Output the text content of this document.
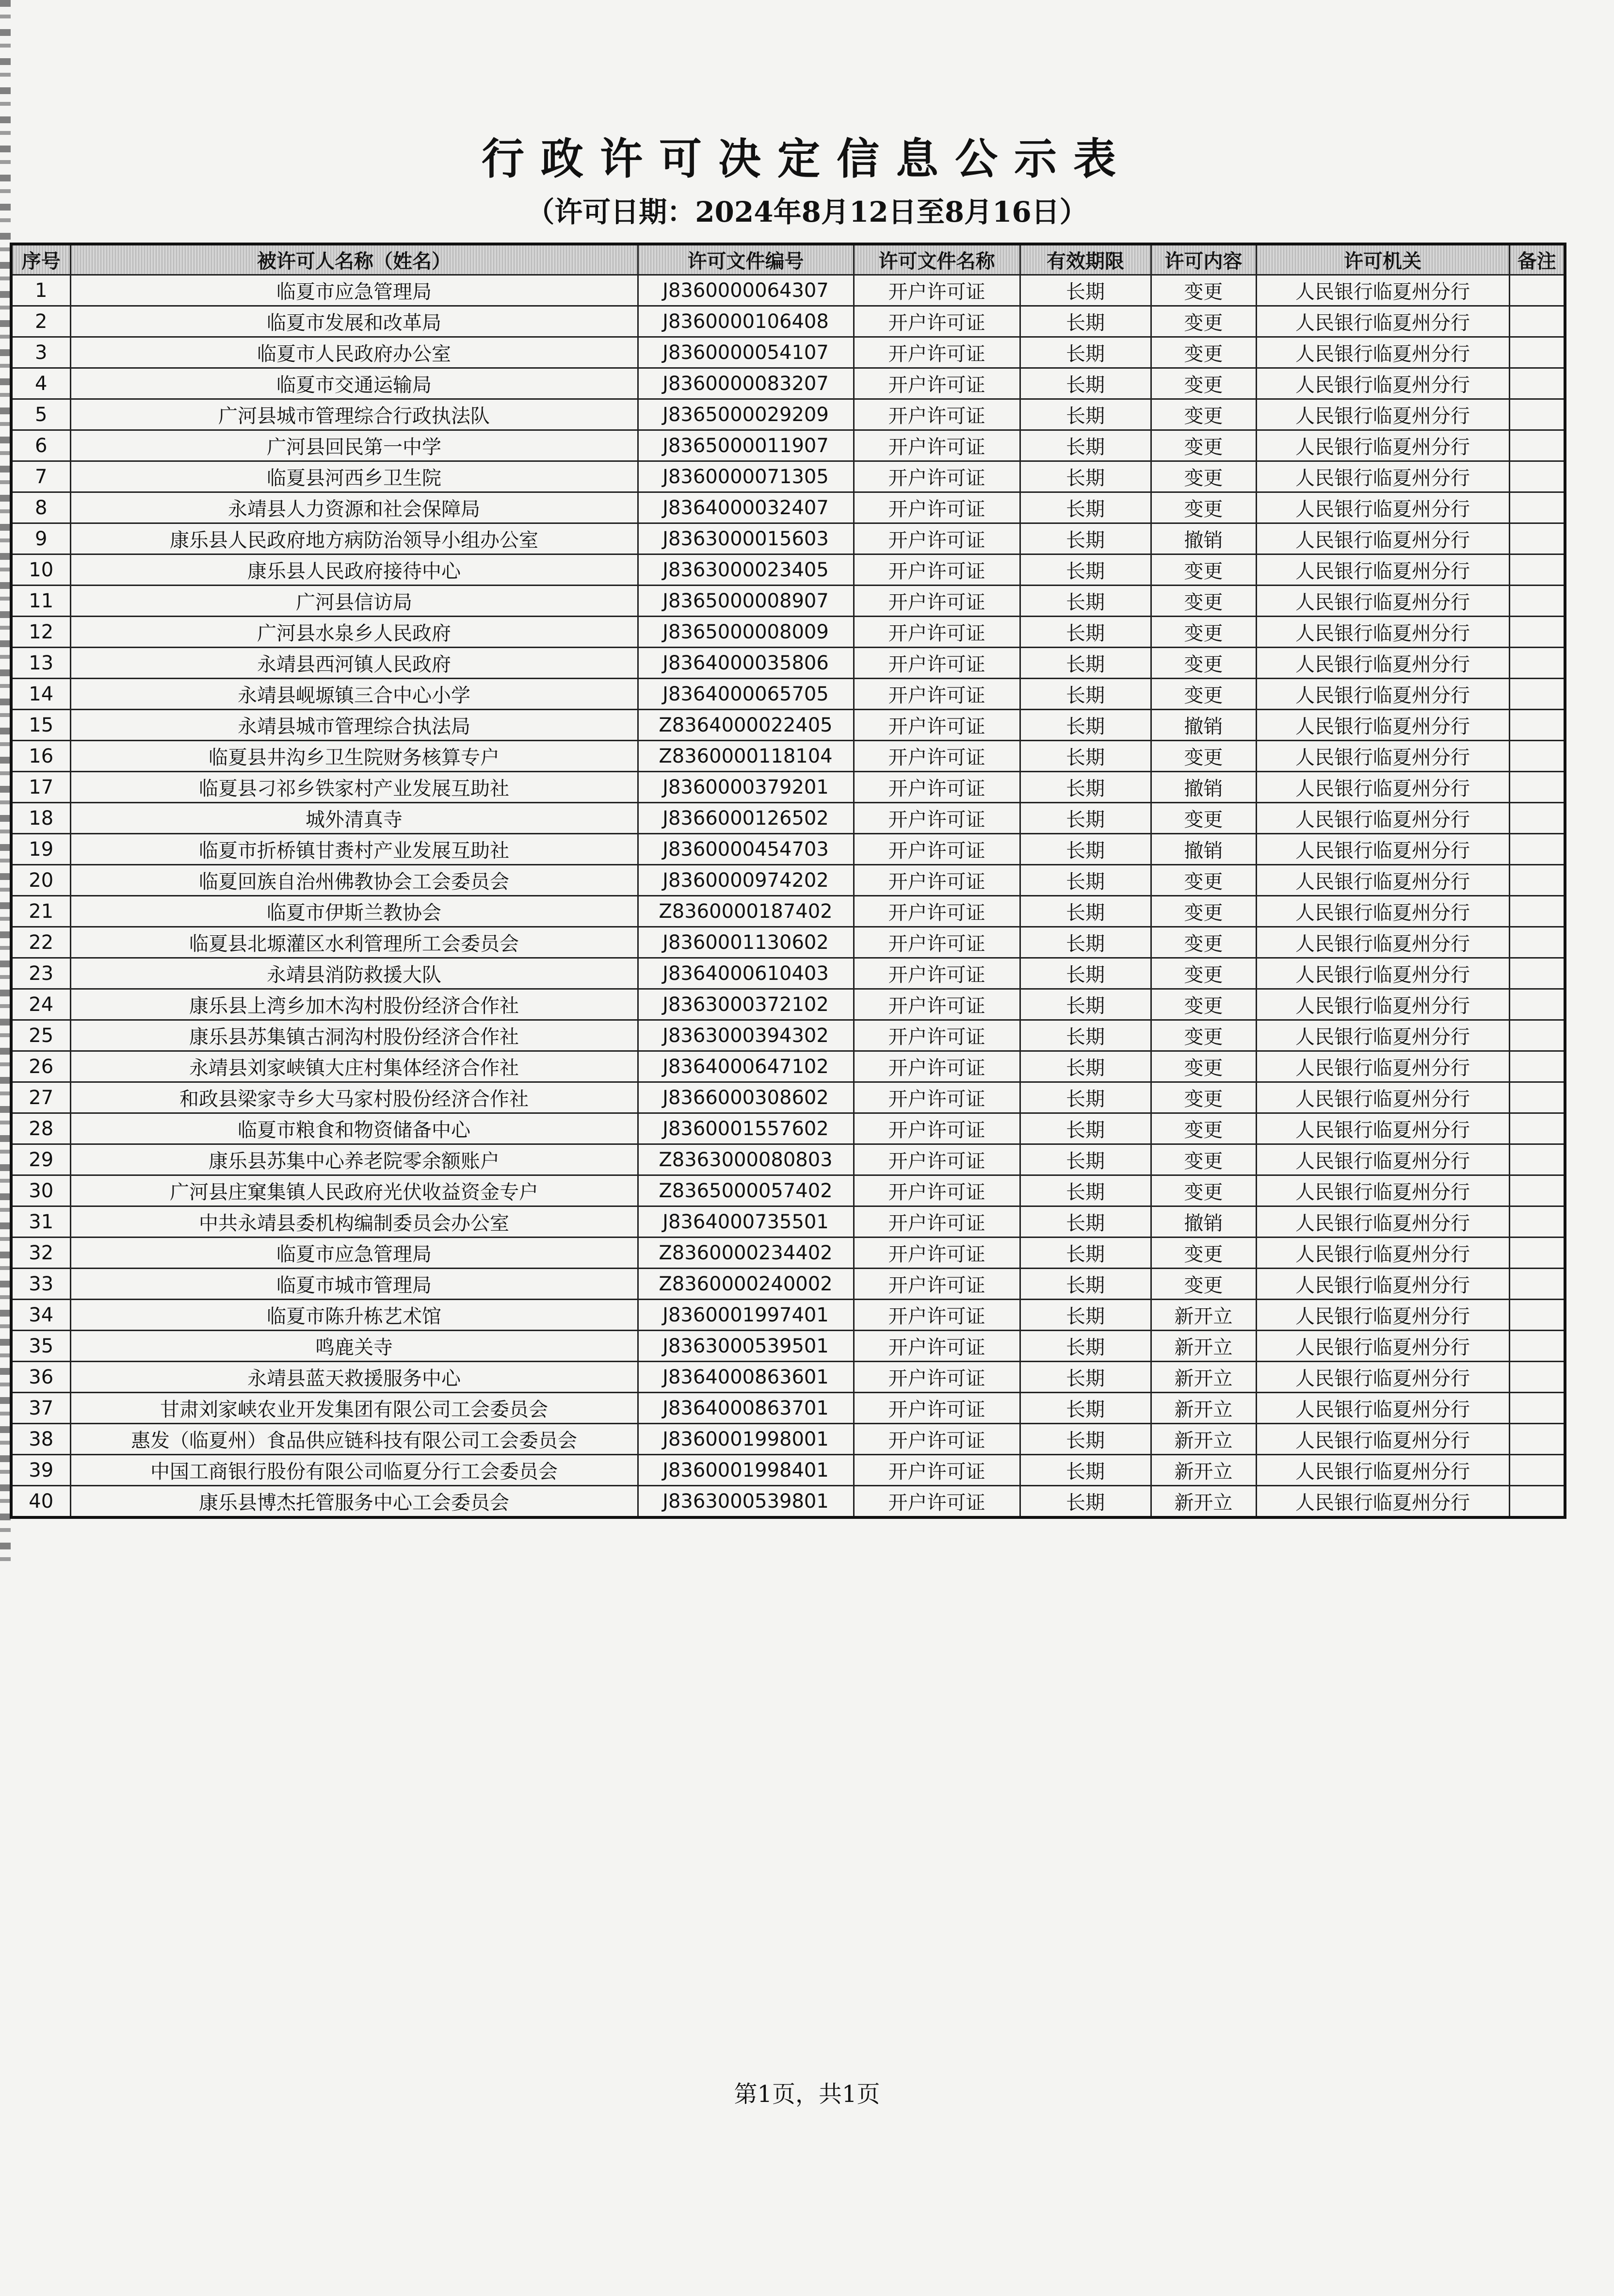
行政许可决定信息公示表
（许可日期：2024年8月12日至8月16日）
序号	被许可人名称（姓名）	许可文件编号	许可文件名称	有效期限	许可内容	许可机关	备注
1	临夏市应急管理局	J8360000064307	开户许可证	长期	变更	人民银行临夏州分行	
2	临夏市发展和改革局	J8360000106408	开户许可证	长期	变更	人民银行临夏州分行	
3	临夏市人民政府办公室	J8360000054107	开户许可证	长期	变更	人民银行临夏州分行	
4	临夏市交通运输局	J8360000083207	开户许可证	长期	变更	人民银行临夏州分行	
5	广河县城市管理综合行政执法队	J8365000029209	开户许可证	长期	变更	人民银行临夏州分行	
6	广河县回民第一中学	J8365000011907	开户许可证	长期	变更	人民银行临夏州分行	
7	临夏县河西乡卫生院	J8360000071305	开户许可证	长期	变更	人民银行临夏州分行	
8	永靖县人力资源和社会保障局	J8364000032407	开户许可证	长期	变更	人民银行临夏州分行	
9	康乐县人民政府地方病防治领导小组办公室	J8363000015603	开户许可证	长期	撤销	人民银行临夏州分行	
10	康乐县人民政府接待中心	J8363000023405	开户许可证	长期	变更	人民银行临夏州分行	
11	广河县信访局	J8365000008907	开户许可证	长期	变更	人民银行临夏州分行	
12	广河县水泉乡人民政府	J8365000008009	开户许可证	长期	变更	人民银行临夏州分行	
13	永靖县西河镇人民政府	J8364000035806	开户许可证	长期	变更	人民银行临夏州分行	
14	永靖县岘塬镇三合中心小学	J8364000065705	开户许可证	长期	变更	人民银行临夏州分行	
15	永靖县城市管理综合执法局	Z8364000022405	开户许可证	长期	撤销	人民银行临夏州分行	
16	临夏县井沟乡卫生院财务核算专户	Z8360000118104	开户许可证	长期	变更	人民银行临夏州分行	
17	临夏县刁祁乡铁家村产业发展互助社	J8360000379201	开户许可证	长期	撤销	人民银行临夏州分行	
18	城外清真寺	J8366000126502	开户许可证	长期	变更	人民银行临夏州分行	
19	临夏市折桥镇甘赉村产业发展互助社	J8360000454703	开户许可证	长期	撤销	人民银行临夏州分行	
20	临夏回族自治州佛教协会工会委员会	J8360000974202	开户许可证	长期	变更	人民银行临夏州分行	
21	临夏市伊斯兰教协会	Z8360000187402	开户许可证	长期	变更	人民银行临夏州分行	
22	临夏县北塬灌区水利管理所工会委员会	J8360001130602	开户许可证	长期	变更	人民银行临夏州分行	
23	永靖县消防救援大队	J8364000610403	开户许可证	长期	变更	人民银行临夏州分行	
24	康乐县上湾乡加木沟村股份经济合作社	J8363000372102	开户许可证	长期	变更	人民银行临夏州分行	
25	康乐县苏集镇古洞沟村股份经济合作社	J8363000394302	开户许可证	长期	变更	人民银行临夏州分行	
26	永靖县刘家峡镇大庄村集体经济合作社	J8364000647102	开户许可证	长期	变更	人民银行临夏州分行	
27	和政县梁家寺乡大马家村股份经济合作社	J8366000308602	开户许可证	长期	变更	人民银行临夏州分行	
28	临夏市粮食和物资储备中心	J8360001557602	开户许可证	长期	变更	人民银行临夏州分行	
29	康乐县苏集中心养老院零余额账户	Z8363000080803	开户许可证	长期	变更	人民银行临夏州分行	
30	广河县庄窠集镇人民政府光伏收益资金专户	Z8365000057402	开户许可证	长期	变更	人民银行临夏州分行	
31	中共永靖县委机构编制委员会办公室	J8364000735501	开户许可证	长期	撤销	人民银行临夏州分行	
32	临夏市应急管理局	Z8360000234402	开户许可证	长期	变更	人民银行临夏州分行	
33	临夏市城市管理局	Z8360000240002	开户许可证	长期	变更	人民银行临夏州分行	
34	临夏市陈升栋艺术馆	J8360001997401	开户许可证	长期	新开立	人民银行临夏州分行	
35	鸣鹿关寺	J8363000539501	开户许可证	长期	新开立	人民银行临夏州分行	
36	永靖县蓝天救援服务中心	J8364000863601	开户许可证	长期	新开立	人民银行临夏州分行	
37	甘肃刘家峡农业开发集团有限公司工会委员会	J8364000863701	开户许可证	长期	新开立	人民银行临夏州分行	
38	惠发（临夏州）食品供应链科技有限公司工会委员会	J8360001998001	开户许可证	长期	新开立	人民银行临夏州分行	
39	中国工商银行股份有限公司临夏分行工会委员会	J8360001998401	开户许可证	长期	新开立	人民银行临夏州分行	
40	康乐县博杰托管服务中心工会委员会	J8363000539801	开户许可证	长期	新开立	人民银行临夏州分行	
第1页，共1页
